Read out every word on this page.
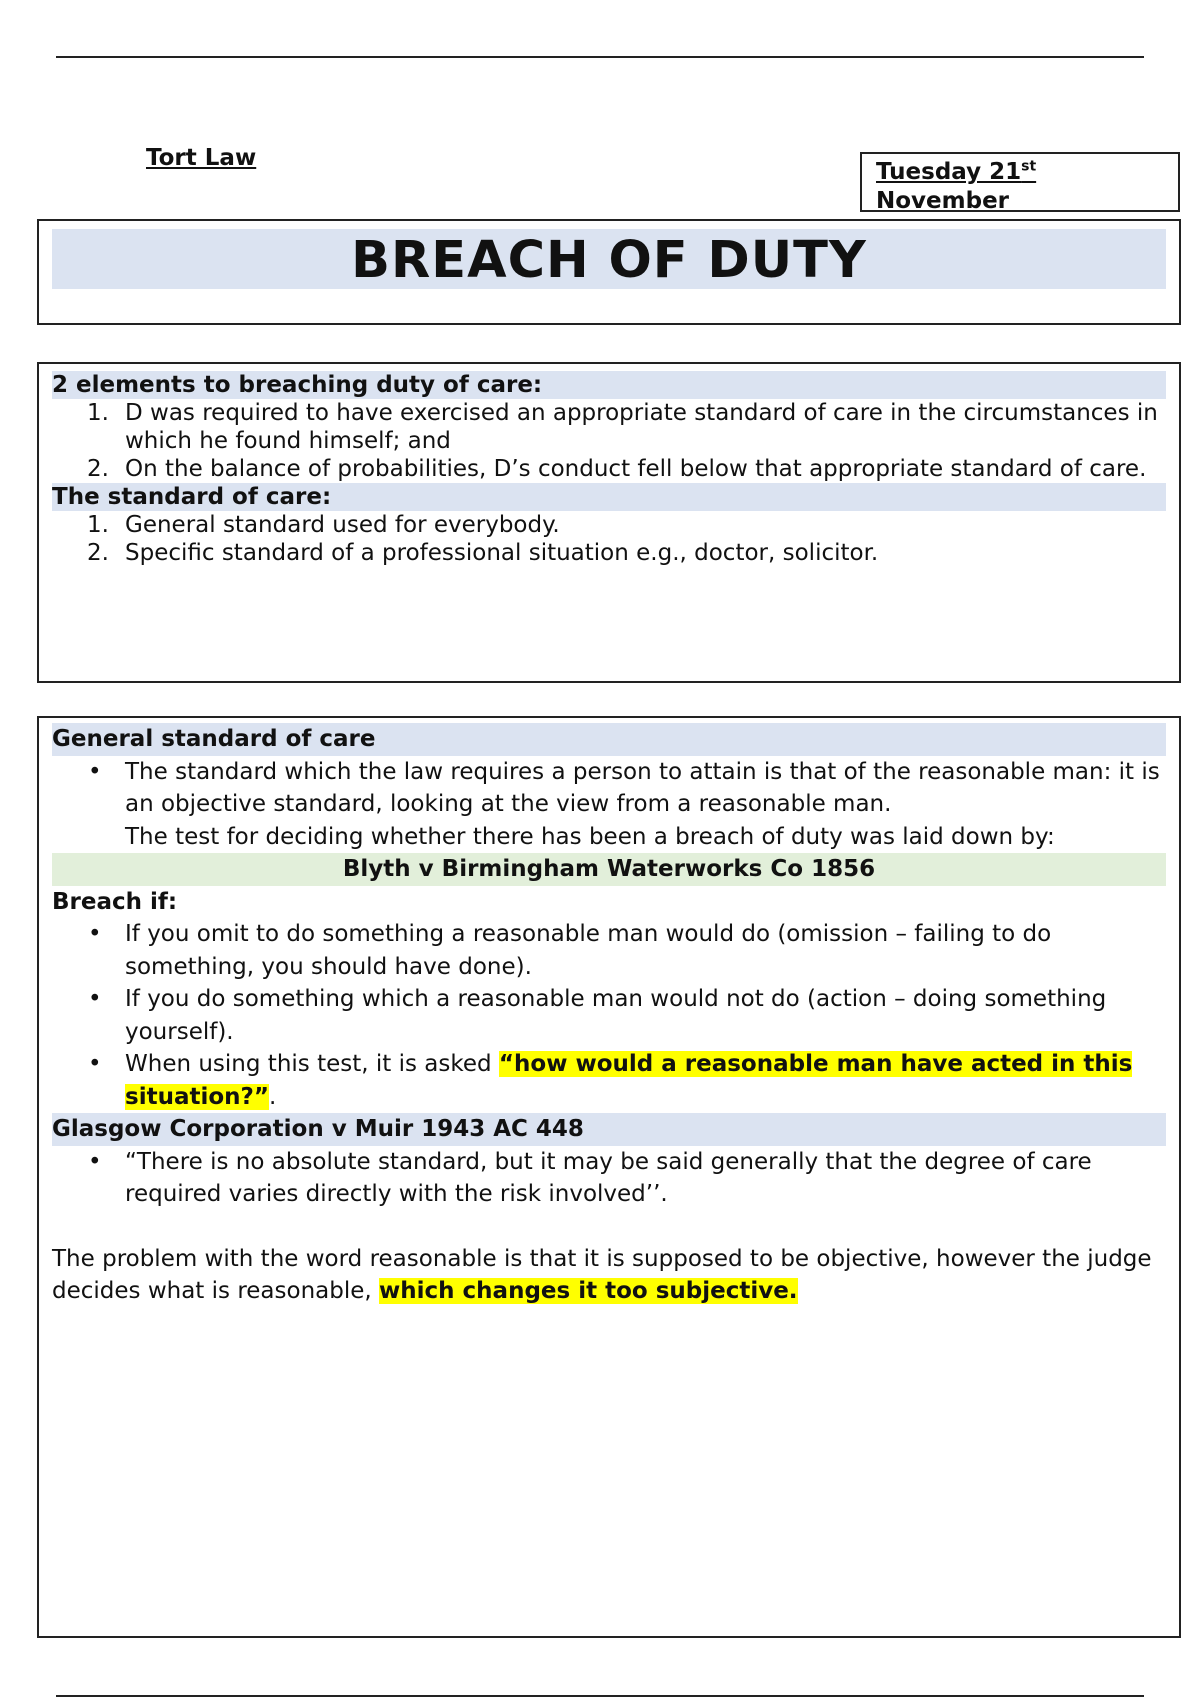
Tort Law
Tuesday 21st
November
BREACH OF DUTY
2 elements to breaching duty of care:
1. D was required to have exercised an appropriate standard of care in the circumstances in which he found himself; and
2. On the balance of probabilities, D’s conduct fell below that appropriate standard of care.
The standard of care:
1. General standard used for everybody.
2. Specific standard of a professional situation e.g., doctor, solicitor.
General standard of care
• The standard which the law requires a person to attain is that of the reasonable man: it is an objective standard, looking at the view from a reasonable man.
The test for deciding whether there has been a breach of duty was laid down by:
Blyth v Birmingham Waterworks Co 1856
Breach if:
• If you omit to do something a reasonable man would do (omission – failing to do something, you should have done).
• If you do something which a reasonable man would not do (action – doing something yourself).
• When using this test, it is asked “how would a reasonable man have acted in this situation?”.
Glasgow Corporation v Muir 1943 AC 448
• “There is no absolute standard, but it may be said generally that the degree of care required varies directly with the risk involved’’.
The problem with the word reasonable is that it is supposed to be objective, however the judge decides what is reasonable, which changes it too subjective.
